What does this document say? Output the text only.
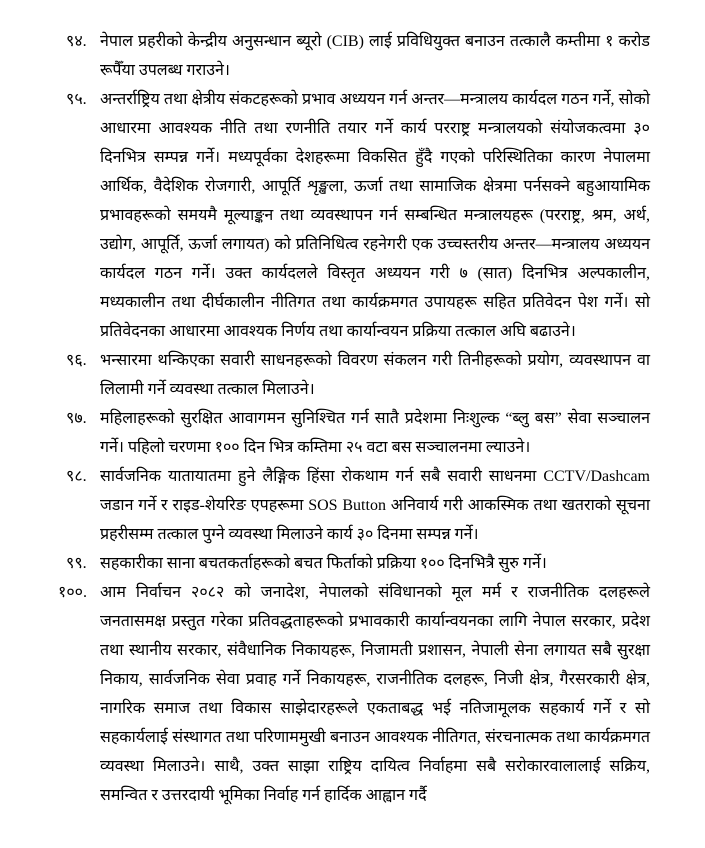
९४. नेपाल प्रहरीको केन्द्रीय अनुसन्धान ब्यूरो (CIB) लाई प्रविधियुक्त बनाउन तत्कालै कम्तीमा १ करोड रूपैँया उपलब्ध गराउने।
९५. अन्तर्राष्ट्रिय तथा क्षेत्रीय संकटहरूको प्रभाव अध्ययन गर्न अन्तर—मन्त्रालय कार्यदल गठन गर्ने, सोको आधारमा आवश्यक नीति तथा रणनीति तयार गर्ने कार्य परराष्ट्र मन्त्रालयको संयोजकत्वमा ३० दिनभित्र सम्पन्न गर्ने। मध्यपूर्वका देशहरूमा विकसित हुँदै गएको परिस्थितिका कारण नेपालमा आर्थिक, वैदेशिक रोजगारी, आपूर्ति शृङ्खला, ऊर्जा तथा सामाजिक क्षेत्रमा पर्नसक्ने बहुआयामिक प्रभावहरूको समयमै मूल्याङ्कन तथा व्यवस्थापन गर्न सम्बन्धित मन्त्रालयहरू (परराष्ट्र, श्रम, अर्थ, उद्योग, आपूर्ति, ऊर्जा लगायत) को प्रतिनिधित्व रहनेगरी एक उच्चस्तरीय अन्तर—मन्त्रालय अध्ययन कार्यदल गठन गर्ने। उक्त कार्यदलले विस्तृत अध्ययन गरी ७ (सात) दिनभित्र अल्पकालीन, मध्यकालीन तथा दीर्घकालीन नीतिगत तथा कार्यक्रमगत उपायहरू सहित प्रतिवेदन पेश गर्ने। सो प्रतिवेदनका आधारमा आवश्यक निर्णय तथा कार्यान्वयन प्रक्रिया तत्काल अघि बढाउने।
९६. भन्सारमा थन्किएका सवारी साधनहरूको विवरण संकलन गरी तिनीहरूको प्रयोग, व्यवस्थापन वा लिलामी गर्ने व्यवस्था तत्काल मिलाउने।
९७. महिलाहरूको सुरक्षित आवागमन सुनिश्चित गर्न सातै प्रदेशमा निःशुल्क “ब्लु बस” सेवा सञ्चालन गर्ने। पहिलो चरणमा १०० दिन भित्र कम्तिमा २५ वटा बस सञ्चालनमा ल्याउने।
९८. सार्वजनिक यातायातमा हुने लैङ्गिक हिंसा रोकथाम गर्न सबै सवारी साधनमा CCTV/Dashcam जडान गर्ने र राइड-शेयरिङ एपहरूमा SOS Button अनिवार्य गरी आकस्मिक तथा खतराको सूचना प्रहरीसम्म तत्काल पुग्ने व्यवस्था मिलाउने कार्य ३० दिनमा सम्पन्न गर्ने।
९९. सहकारीका साना बचतकर्ताहरूको बचत फिर्ताको प्रक्रिया १०० दिनभित्रै सुरु गर्ने।
१००. आम निर्वाचन २०८२ को जनादेश, नेपालको संविधानको मूल मर्म र राजनीतिक दलहरूले जनतासमक्ष प्रस्तुत गरेका प्रतिवद्धताहरूको प्रभावकारी कार्यान्वयनका लागि नेपाल सरकार, प्रदेश तथा स्थानीय सरकार, संवैधानिक निकायहरू, निजामती प्रशासन, नेपाली सेना लगायत सबै सुरक्षा निकाय, सार्वजनिक सेवा प्रवाह गर्ने निकायहरू, राजनीतिक दलहरू, निजी क्षेत्र, गैरसरकारी क्षेत्र, नागरिक समाज तथा विकास साझेदारहरूले एकताबद्ध भई नतिजामूलक सहकार्य गर्ने र सो सहकार्यलाई संस्थागत तथा परिणाममुखी बनाउन आवश्यक नीतिगत, संरचनात्मक तथा कार्यक्रमगत व्यवस्था मिलाउने। साथै, उक्त साझा राष्ट्रिय दायित्व निर्वाहमा सबै सरोकारवालालाई सक्रिय, समन्वित र उत्तरदायी भूमिका निर्वाह गर्न हार्दिक आह्वान गर्दै
